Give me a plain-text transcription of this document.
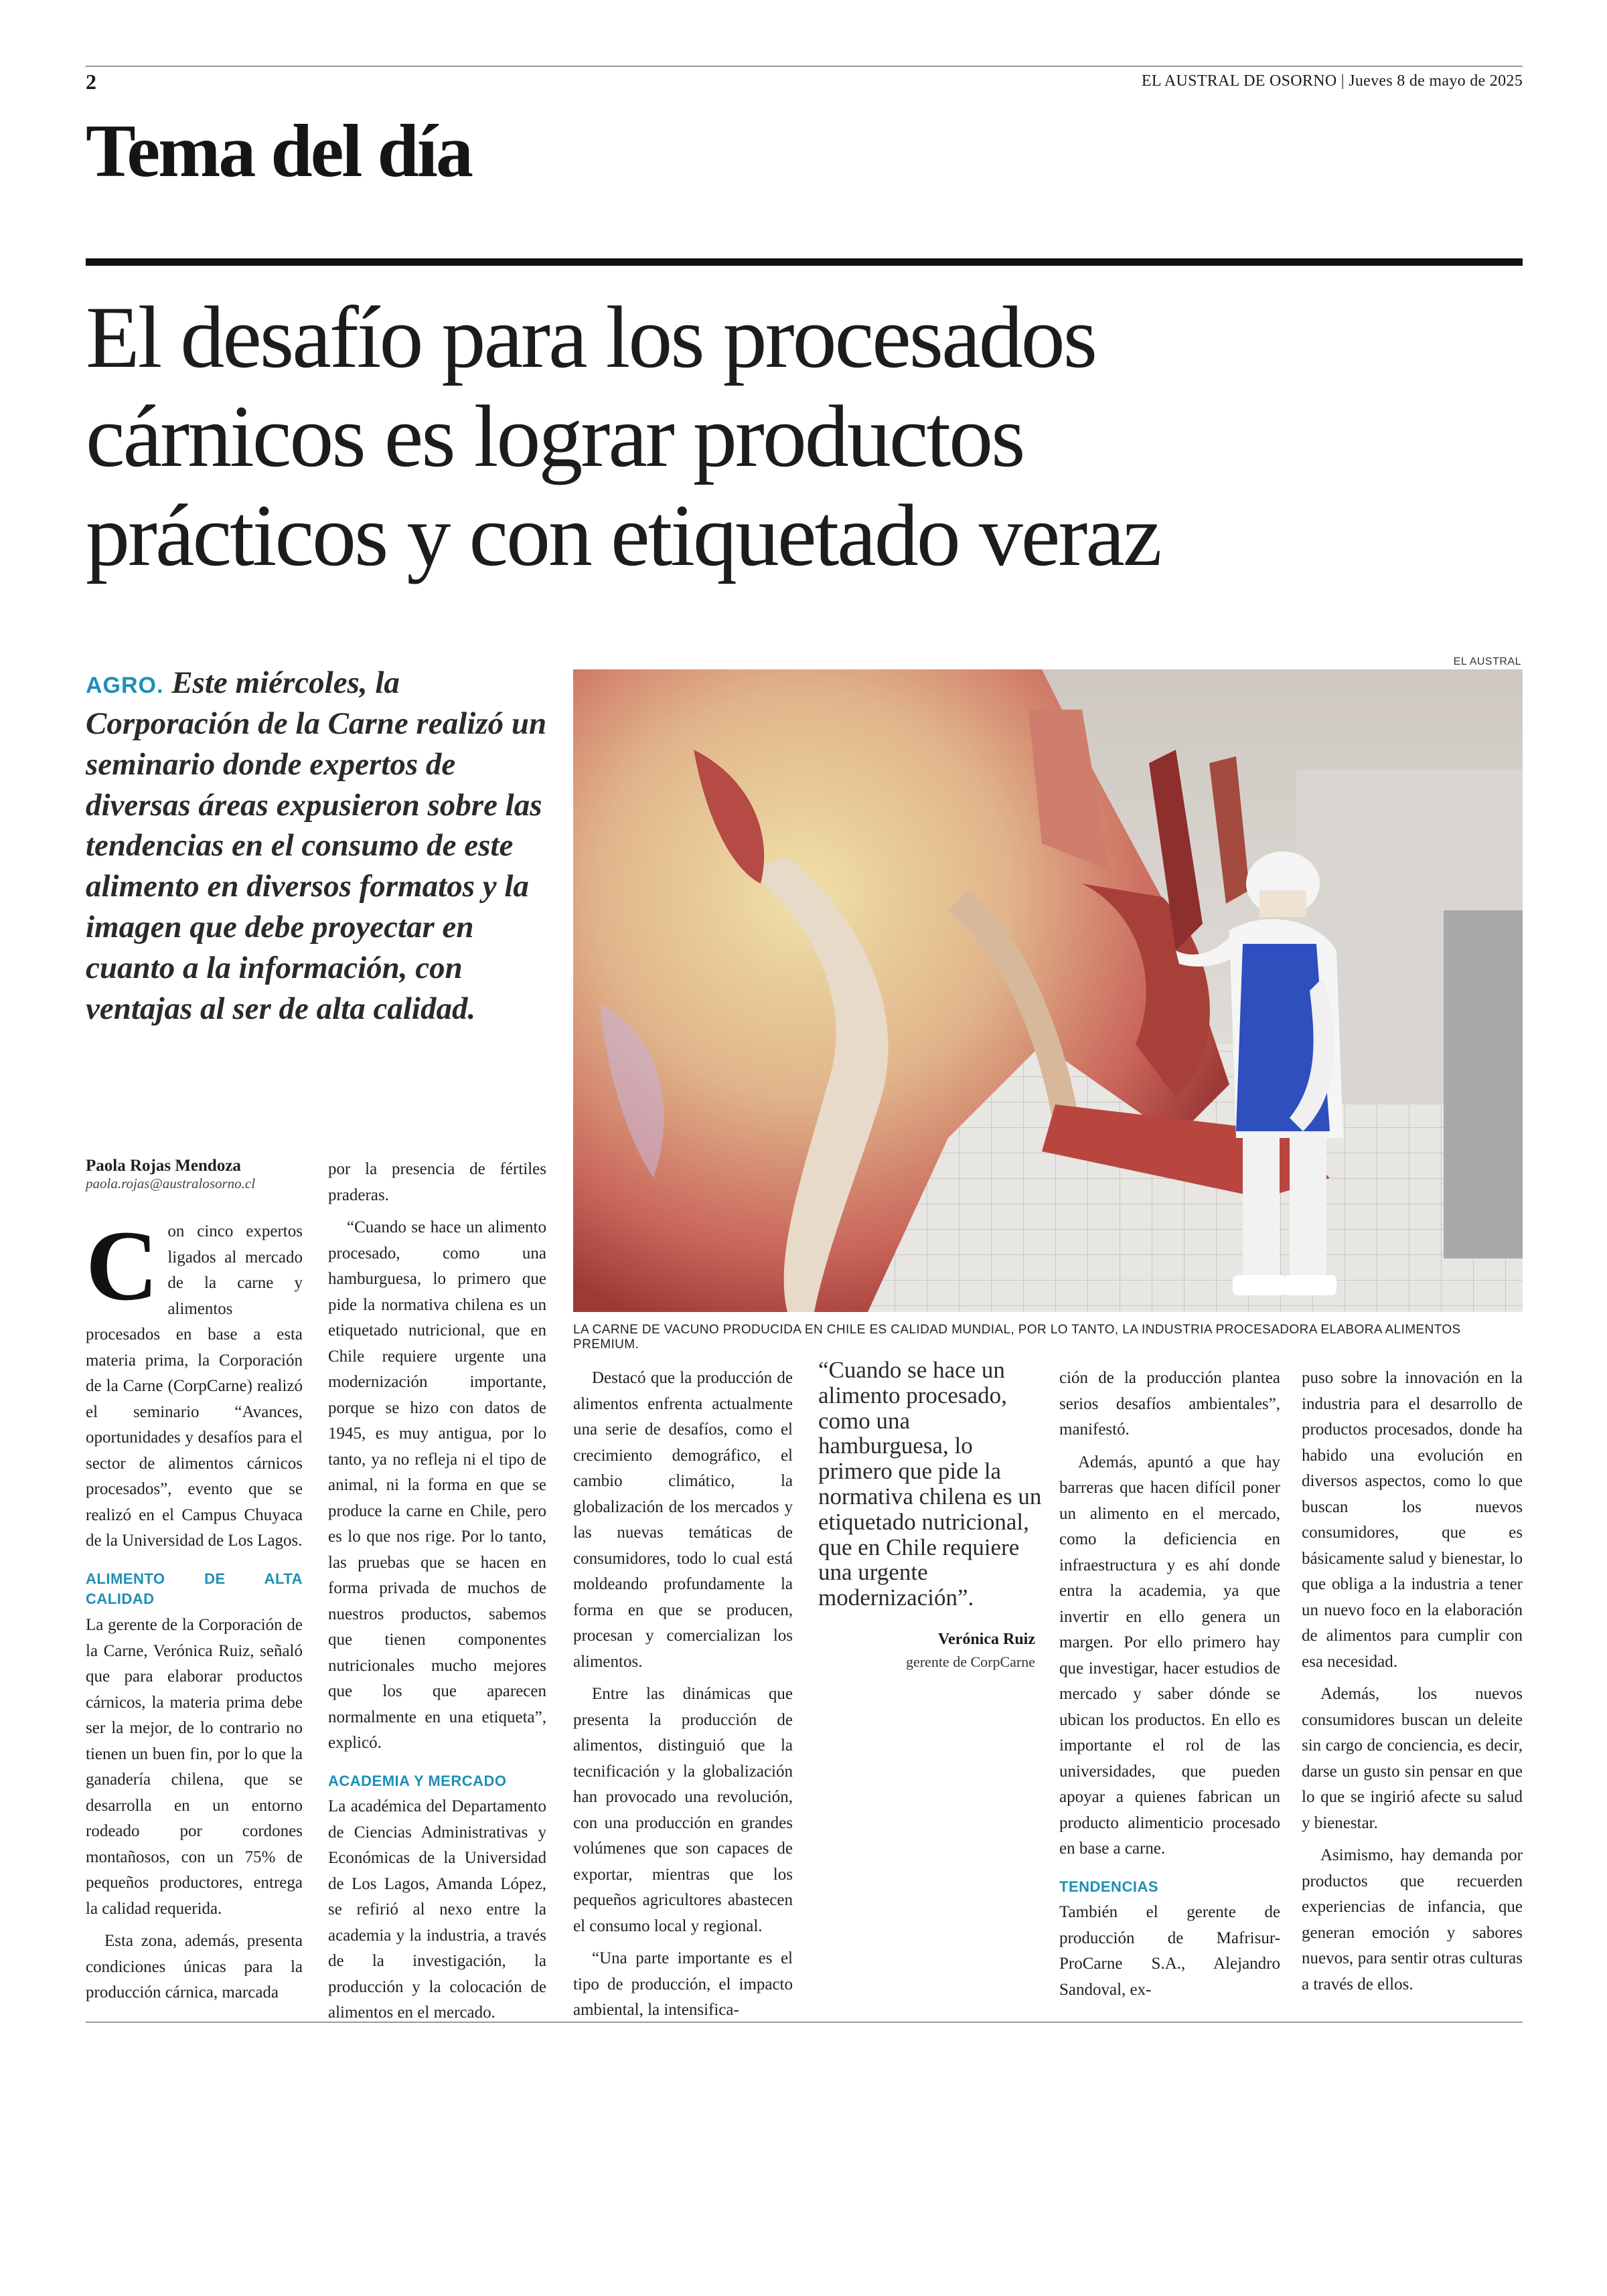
2	EL AUSTRAL DE OSORNO | Jueves 8 de mayo de 2025
Tema del día
El desafío para los procesados
cárnicos es lograr productos
prácticos y con etiquetado veraz
AGRO. Este miércoles, la Corporación de la Carne realizó un seminario donde expertos de diversas áreas expusieron sobre las tendencias en el consumo de este alimento en diversos formatos y la imagen que debe proyectar en cuanto a la información, con ventajas al ser de alta calidad.
EL AUSTRAL
LA CARNE DE VACUNO PRODUCIDA EN CHILE ES CALIDAD MUNDIAL, POR LO TANTO, LA INDUSTRIA PROCESADORA ELABORA ALIMENTOS PREMIUM.
Paola Rojas Mendoza
paola.rojas@australosorno.cl

Con cinco expertos ligados al mercado de la carne y alimentos procesados en base a esta materia prima, la Corporación de la Carne (CorpCarne) realizó el seminario “Avances, oportunidades y desafíos para el sector de alimentos cárnicos procesados”, evento que se realizó en el Campus Chuyaca de la Universidad de Los Lagos.

ALIMENTO DE ALTA CALIDAD

La gerente de la Corporación de la Carne, Verónica Ruiz, señaló que para elaborar productos cárnicos, la materia prima debe ser la mejor, de lo contrario no tienen un buen fin, por lo que la ganadería chilena, que se desarrolla en un entorno rodeado por cordones montañosos, con un 75% de pequeños productores, entrega la calidad requerida.

Esta zona, además, presenta condiciones únicas para la producción cárnica, marcada

por la presencia de fértiles praderas.

“Cuando se hace un alimento procesado, como una hamburguesa, lo primero que pide la normativa chilena es un etiquetado nutricional, que en Chile requiere urgente una modernización importante, porque se hizo con datos de 1945, es muy antigua, por lo tanto, ya no refleja ni el tipo de animal, ni la forma en que se produce la carne en Chile, pero es lo que nos rige. Por lo tanto, las pruebas que se hacen en forma privada de muchos de nuestros productos, sabemos que tienen componentes nutricionales mucho mejores que los que aparecen normalmente en una etiqueta”, explicó.

ACADEMIA Y MERCADO

La académica del Departamento de Ciencias Administrativas y Económicas de la Universidad de Los Lagos, Amanda López, se refirió al nexo entre la academia y la industria, a través de la investigación, la producción y la colocación de alimentos en el mercado.

Destacó que la producción de alimentos enfrenta actualmente una serie de desafíos, como el crecimiento demográfico, el cambio climático, la globalización de los mercados y las nuevas temáticas de consumidores, todo lo cual está moldeando profundamente la forma en que se producen, procesan y comercializan los alimentos.

Entre las dinámicas que presenta la producción de alimentos, distinguió que la tecnificación y la globalización han provocado una revolución, con una producción en grandes volúmenes que son capaces de exportar, mientras que los pequeños agricultores abastecen el consumo local y regional.

“Una parte importante es el tipo de producción, el impacto ambiental, la intensifica-

“Cuando se hace un alimento procesado, como una hamburguesa, lo primero que pide la normativa chilena es un etiquetado nutricional, que en Chile requiere una urgente modernización”.
Verónica Ruiz
gerente de CorpCarne

ción de la producción plantea serios desafíos ambientales”, manifestó.

Además, apuntó a que hay barreras que hacen difícil poner un alimento en el mercado, como la deficiencia en infraestructura y es ahí donde entra la academia, ya que invertir en ello genera un margen. Por ello primero hay que investigar, hacer estudios de mercado y saber dónde se ubican los productos. En ello es importante el rol de las universidades, que pueden apoyar a quienes fabrican un producto alimenticio procesado en base a carne.

TENDENCIAS

También el gerente de producción de Mafrisur-ProCarne S.A., Alejandro Sandoval, ex-

puso sobre la innovación en la industria para el desarrollo de productos procesados, donde ha habido una evolución en diversos aspectos, como lo que buscan los nuevos consumidores, que es básicamente salud y bienestar, lo que obliga a la industria a tener un nuevo foco en la elaboración de alimentos para cumplir con esa necesidad.

Además, los nuevos consumidores buscan un deleite sin cargo de conciencia, es decir, darse un gusto sin pensar en que lo que se ingirió afecte su salud y bienestar.

Asimismo, hay demanda por productos que recuerden experiencias de infancia, que generan emoción y sabores nuevos, para sentir otras culturas a través de ellos.
